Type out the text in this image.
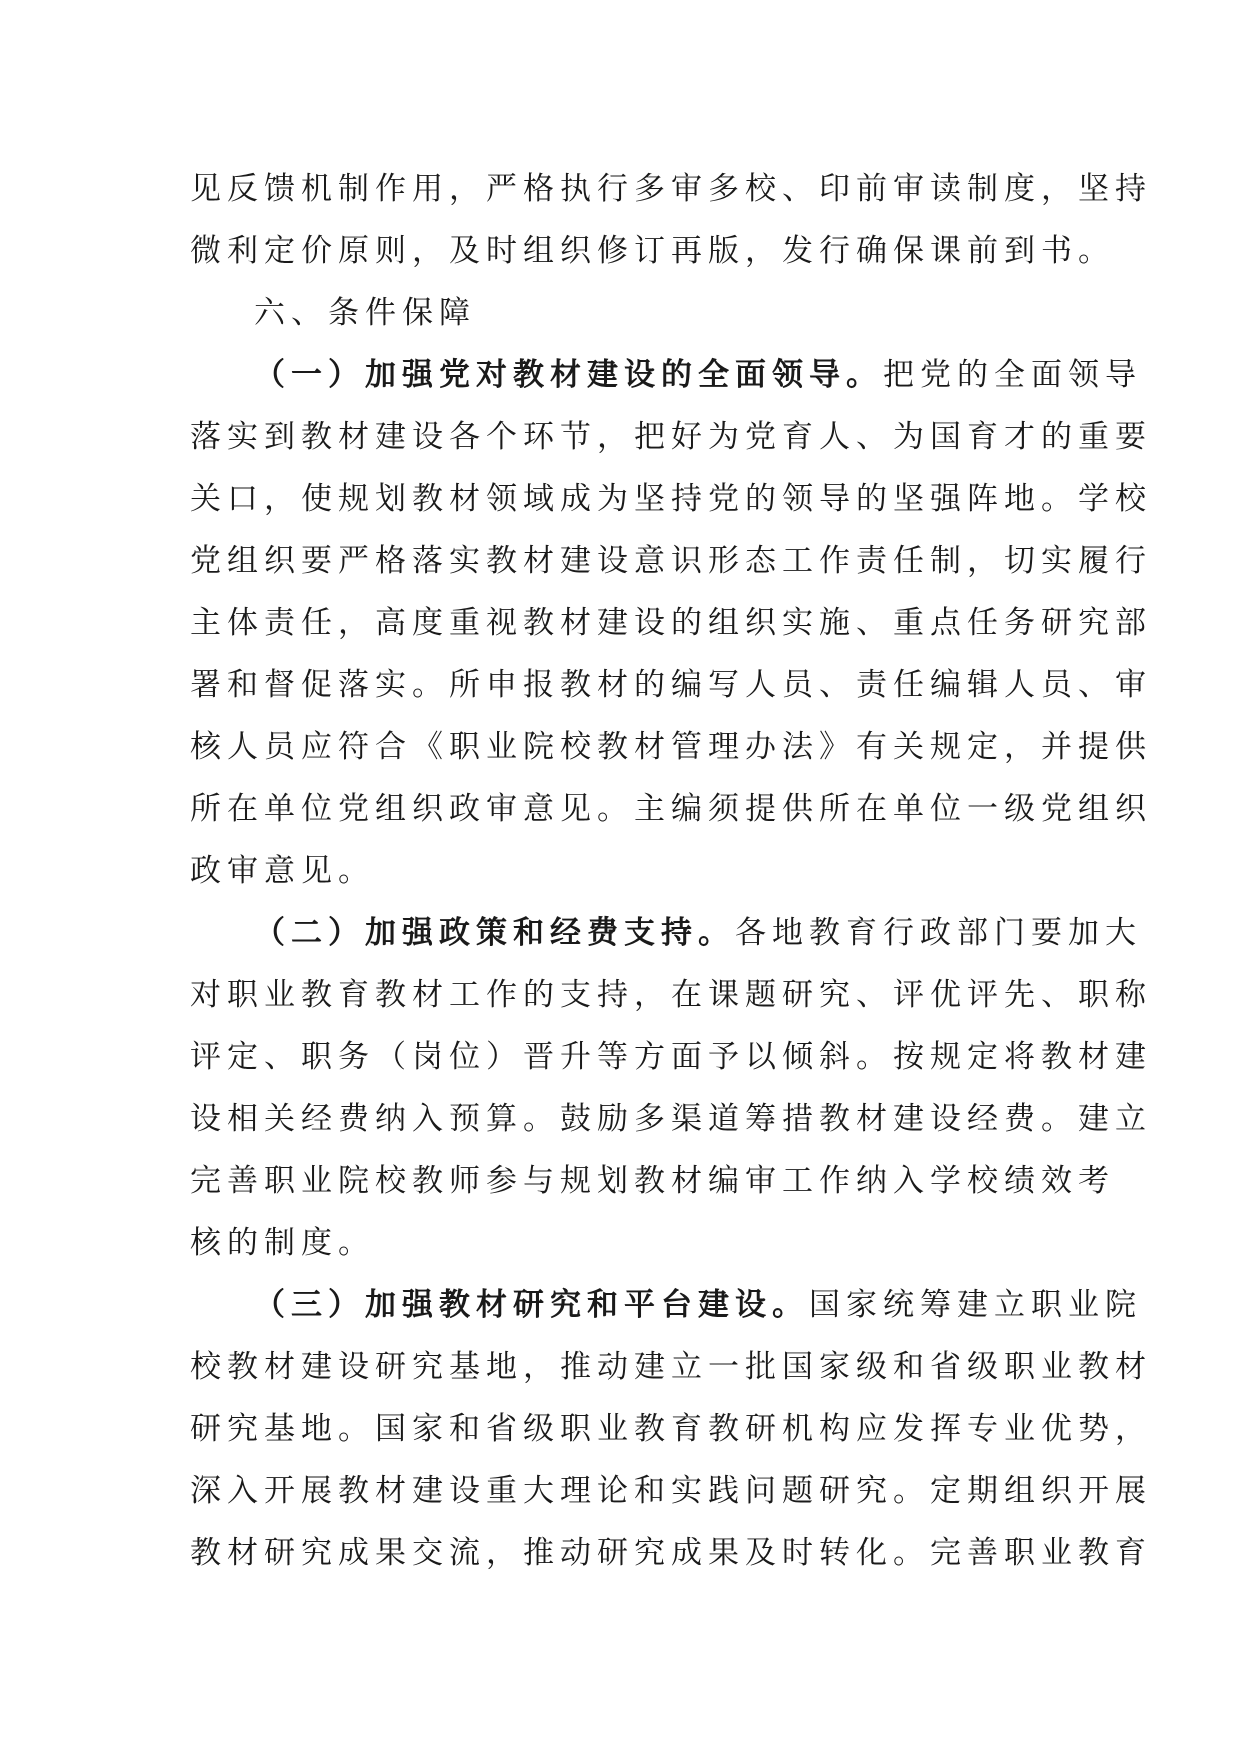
见反馈机制作用，严格执行多审多校、印前审读制度，坚持
微利定价原则，及时组织修订再版，发行确保课前到书。
六、条件保障
（一）加强党对教材建设的全面领导。把党的全面领导
落实到教材建设各个环节，把好为党育人、为国育才的重要
关口，使规划教材领域成为坚持党的领导的坚强阵地。学校
党组织要严格落实教材建设意识形态工作责任制，切实履行
主体责任，高度重视教材建设的组织实施、重点任务研究部
署和督促落实。所申报教材的编写人员、责任编辑人员、审
核人员应符合《职业院校教材管理办法》有关规定，并提供
所在单位党组织政审意见。主编须提供所在单位一级党组织
政审意见。
（二）加强政策和经费支持。各地教育行政部门要加大
对职业教育教材工作的支持，在课题研究、评优评先、职称
评定、职务（岗位）晋升等方面予以倾斜。按规定将教材建
设相关经费纳入预算。鼓励多渠道筹措教材建设经费。建立
完善职业院校教师参与规划教材编审工作纳入学校绩效考
核的制度。
（三）加强教材研究和平台建设。国家统筹建立职业院
校教材建设研究基地，推动建立一批国家级和省级职业教材
研究基地。国家和省级职业教育教研机构应发挥专业优势，
深入开展教材建设重大理论和实践问题研究。定期组织开展
教材研究成果交流，推动研究成果及时转化。完善职业教育
